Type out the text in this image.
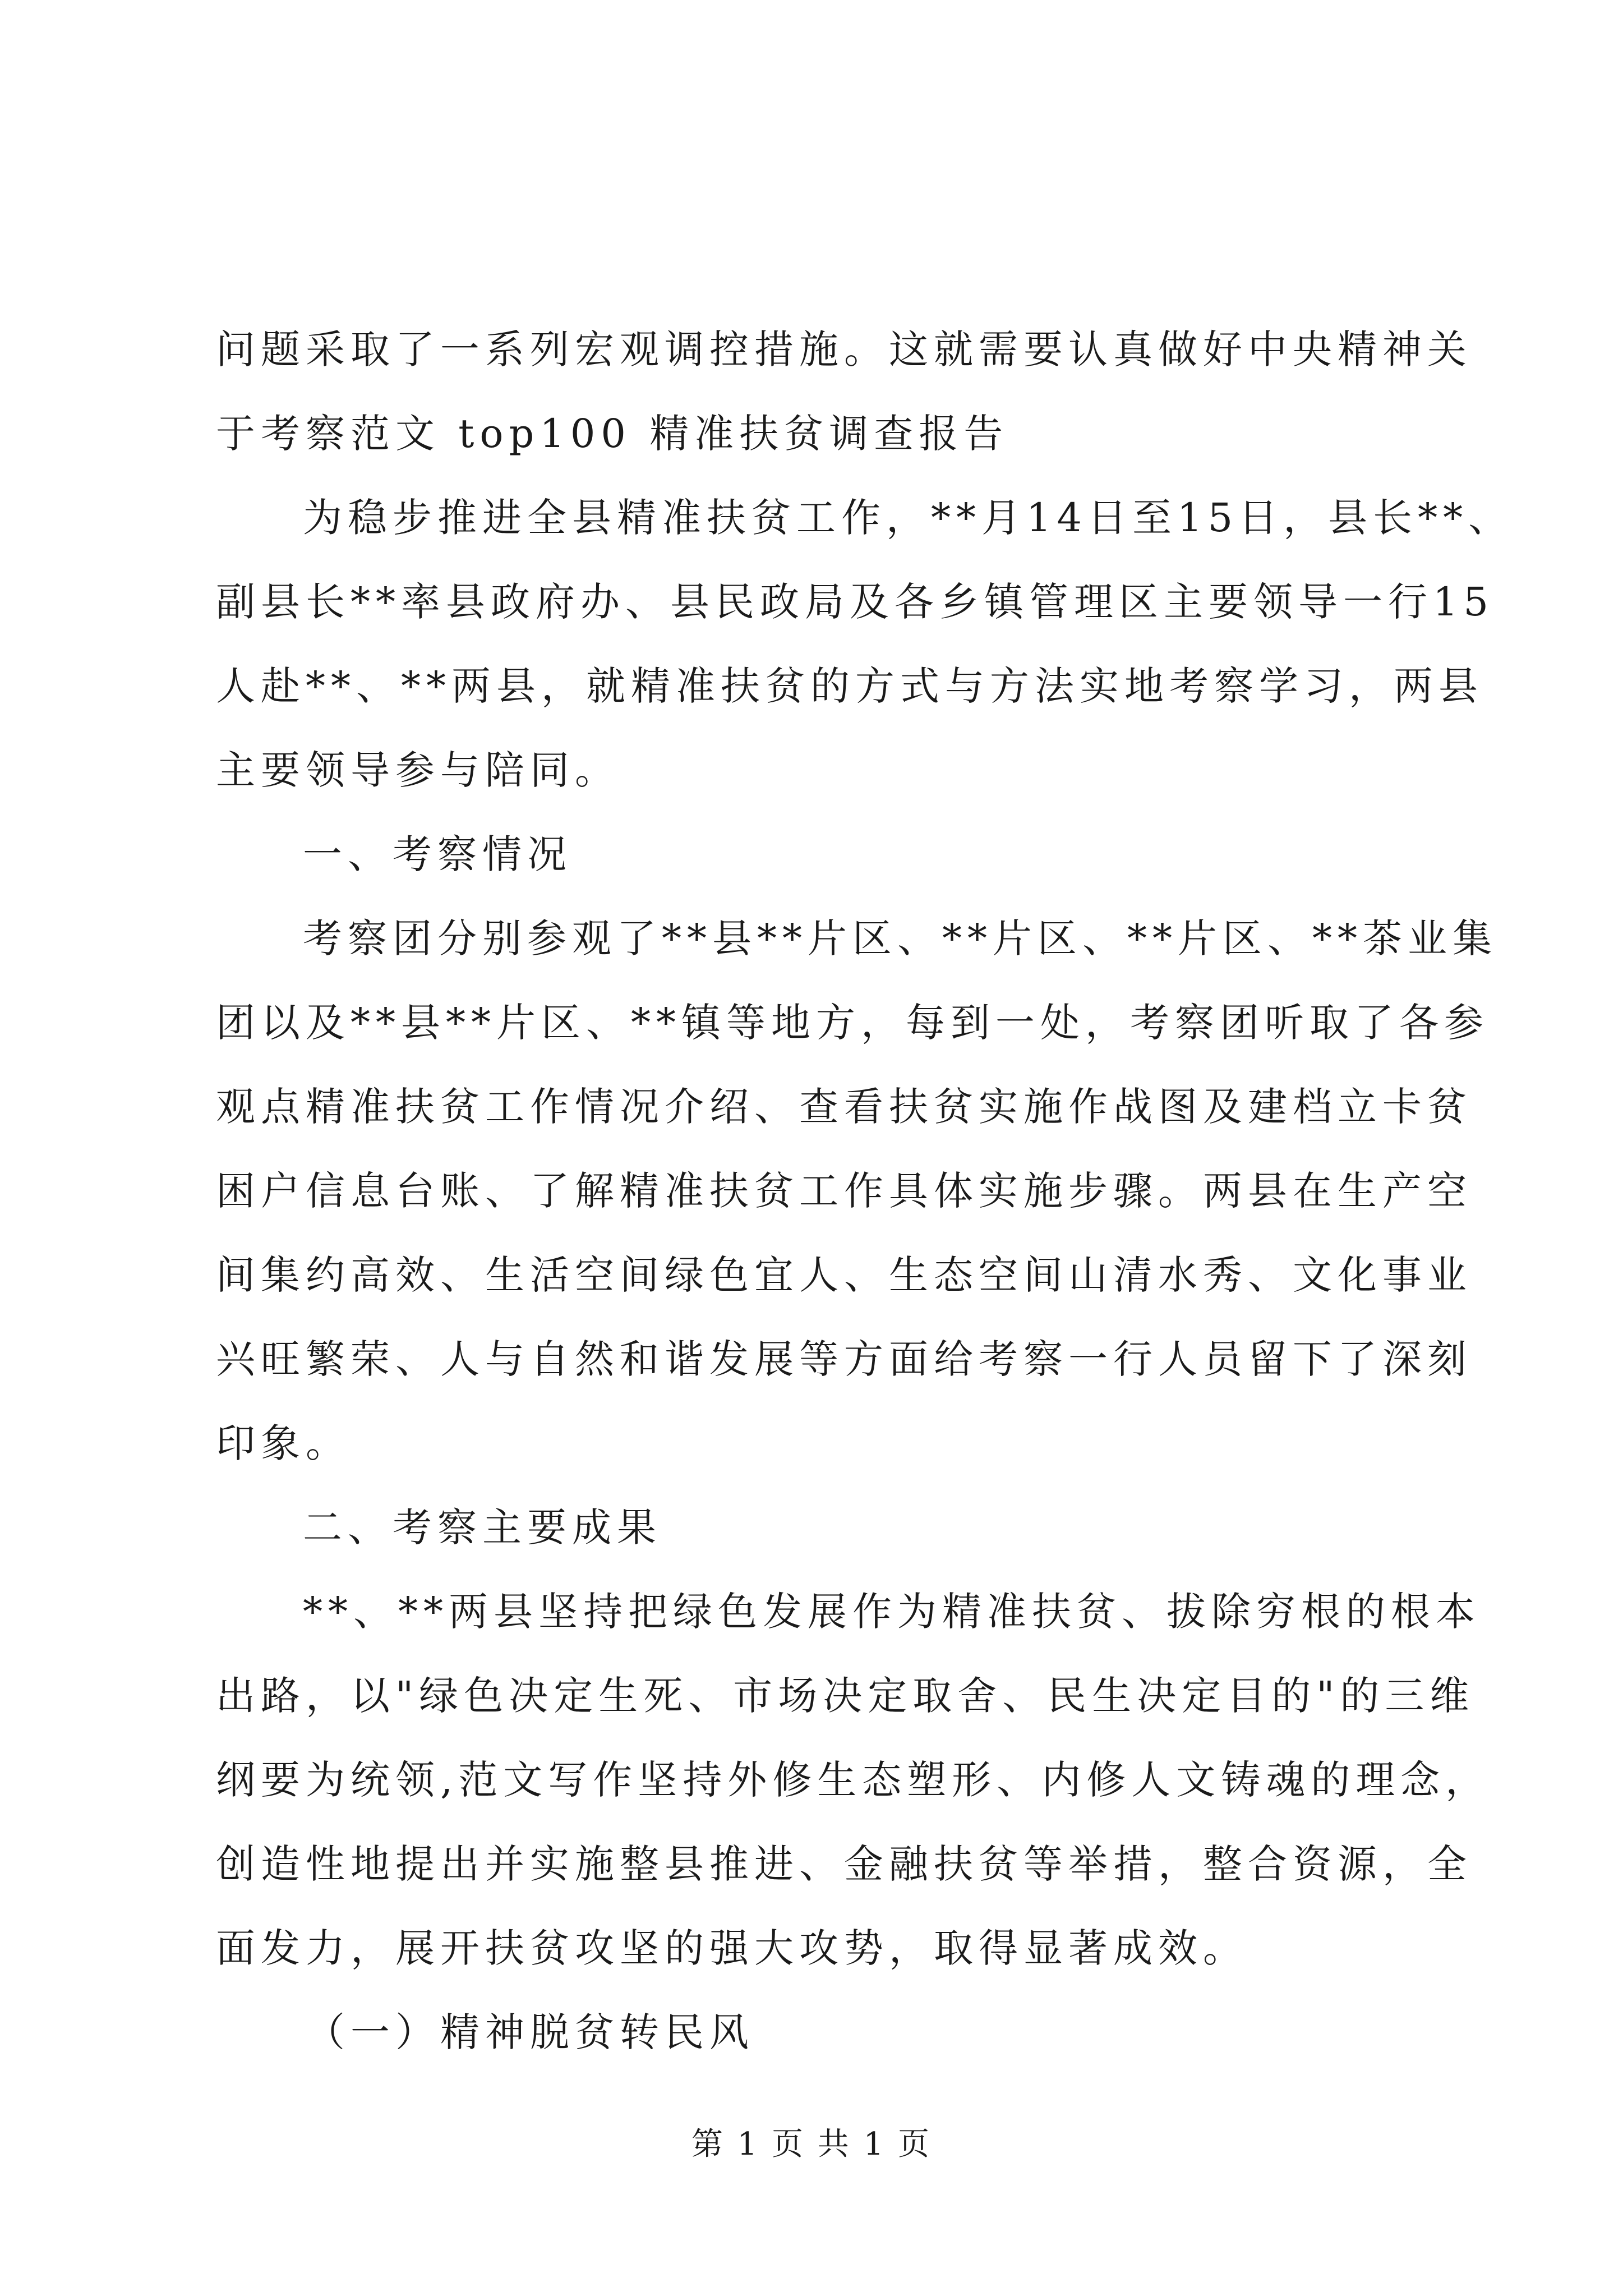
问题采取了一系列宏观调控措施。这就需要认真做好中央精神关
于考察范文 top100 精准扶贫调查报告
为稳步推进全县精准扶贫工作，**月14日至15日，县长**、
副县长**率县政府办、县民政局及各乡镇管理区主要领导一行15
人赴**、**两县，就精准扶贫的方式与方法实地考察学习，两县
主要领导参与陪同。
一、考察情况
考察团分别参观了**县**片区、**片区、**片区、**茶业集
团以及**县**片区、**镇等地方，每到一处，考察团听取了各参
观点精准扶贫工作情况介绍、查看扶贫实施作战图及建档立卡贫
困户信息台账、了解精准扶贫工作具体实施步骤。两县在生产空
间集约高效、生活空间绿色宜人、生态空间山清水秀、文化事业
兴旺繁荣、人与自然和谐发展等方面给考察一行人员留下了深刻
印象。
二、考察主要成果
**、**两县坚持把绿色发展作为精准扶贫、拔除穷根的根本
出路，以"绿色决定生死、市场决定取舍、民生决定目的"的三维
纲要为统领,范文写作坚持外修生态塑形、内修人文铸魂的理念，
创造性地提出并实施整县推进、金融扶贫等举措，整合资源，全
面发力，展开扶贫攻坚的强大攻势，取得显著成效。
（一）精神脱贫转民风
第 1 页 共 1 页
